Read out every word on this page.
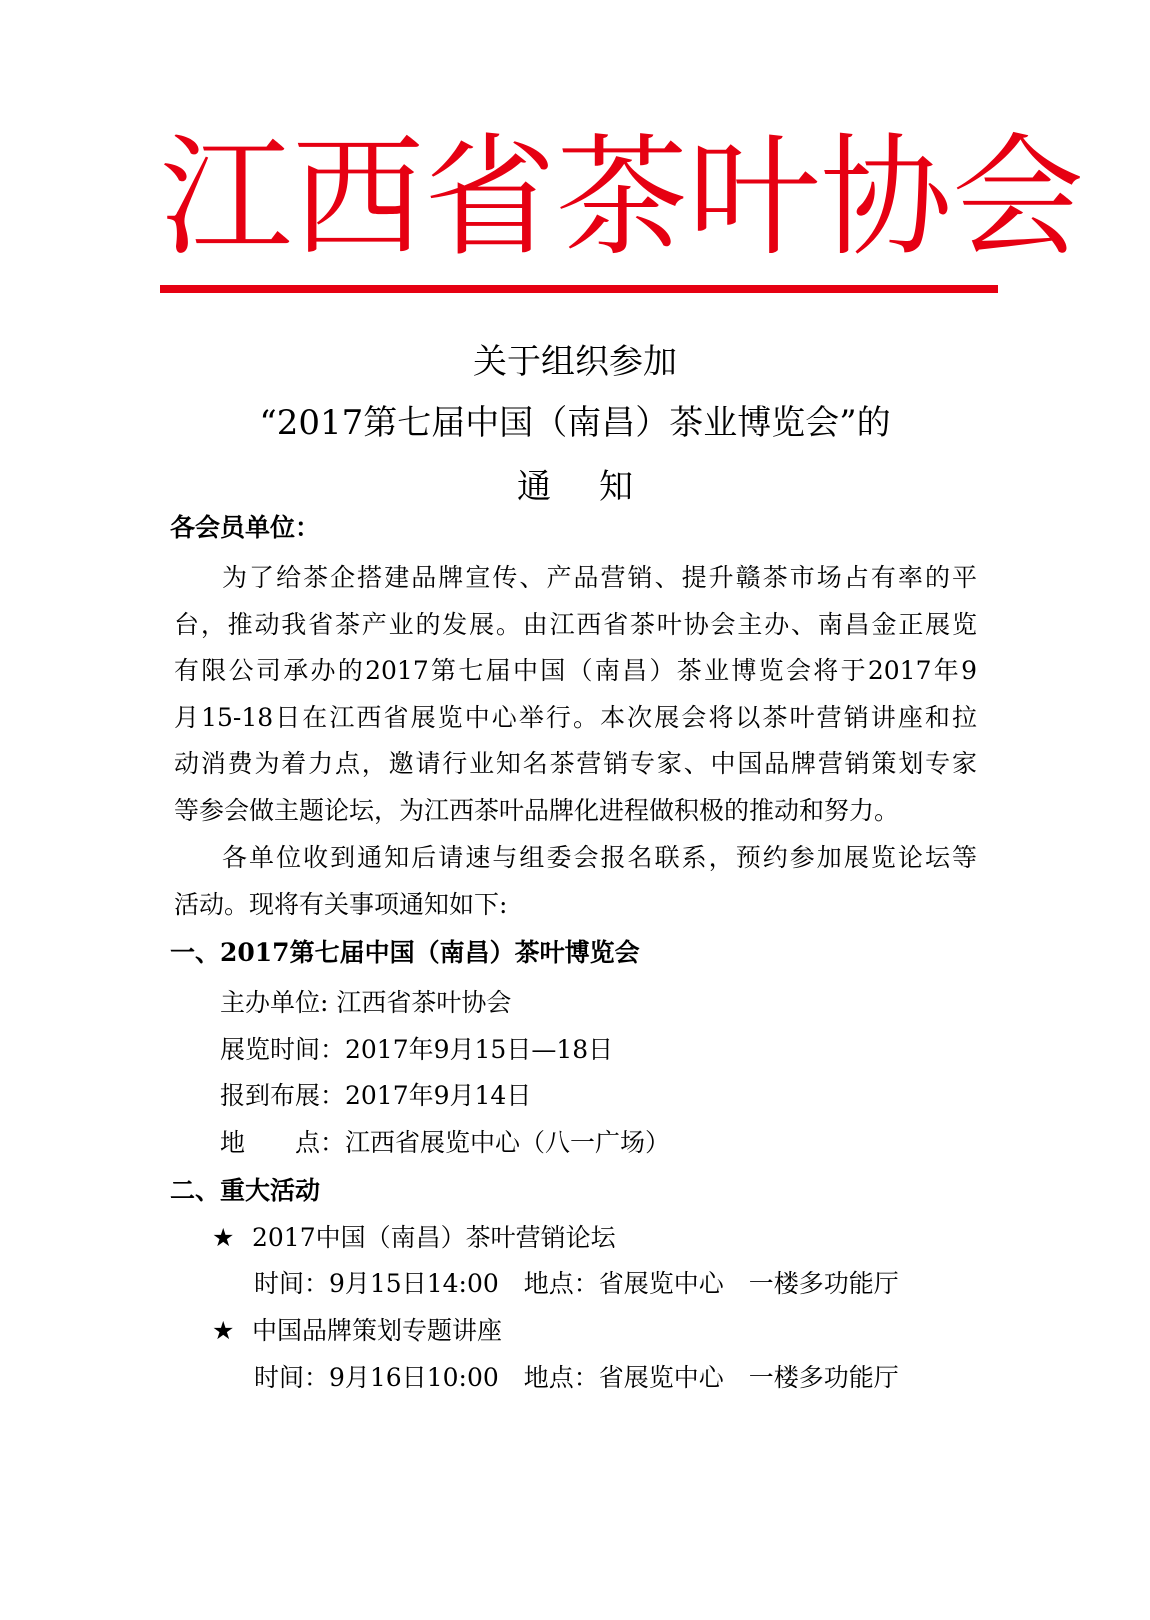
江 西 省 茶 叶 协 会
关于组织参加
“2017第七届中国（南昌）茶业博览会”的
通知
各会员单位：
为了给茶企搭建品牌宣传、产品营销、提升赣茶市场占有率的平
台，推动我省茶产业的发展。由江西省茶叶协会主办、南昌金正展览
有限公司承办的2017第七届中国（南昌）茶业博览会将于2017年9
月15-18日在江西省展览中心举行。本次展会将以茶叶营销讲座和拉
动消费为着力点，邀请行业知名茶营销专家、中国品牌营销策划专家
等参会做主题论坛，为江西茶叶品牌化进程做积极的推动和努力。
各单位收到通知后请速与组委会报名联系，预约参加展览论坛等
活动。现将有关事项通知如下:
一、2017第七届中国（南昌）茶叶博览会
主办单位: 江西省茶叶协会
展览时间：2017年9月15日—18日
报到布展：2017年9月14日
地　　点：江西省展览中心（八一广场）
二、重大活动
★ 2017中国（南昌）茶叶营销论坛
时间：9月15日14:00　地点：省展览中心　一楼多功能厅
★ 中国品牌策划专题讲座
时间：9月16日10:00　地点：省展览中心　一楼多功能厅
